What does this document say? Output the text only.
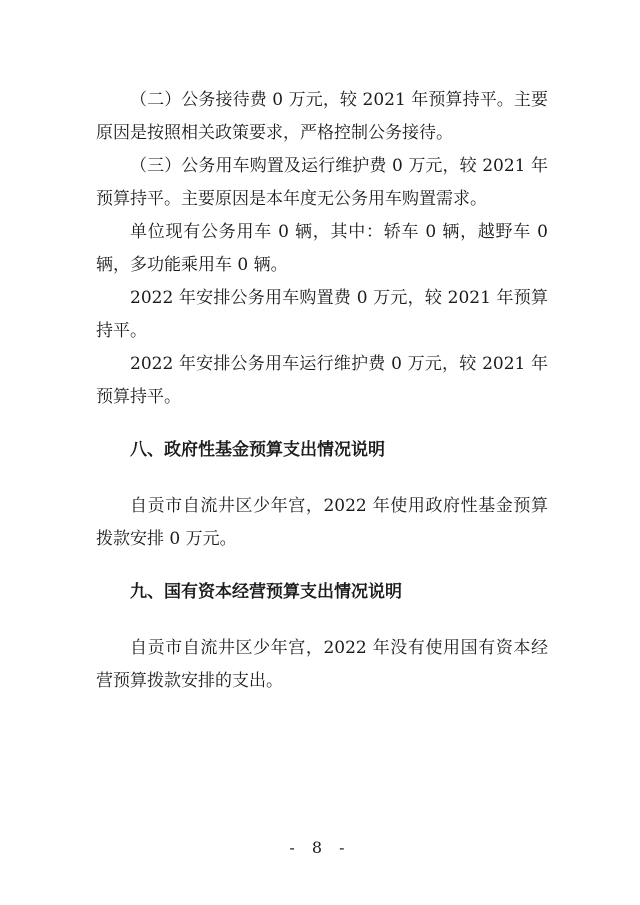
（二）公务接待费 0 万元，较 2021 年预算持平。主要原因是按照相关政策要求，严格控制公务接待。

（三）公务用车购置及运行维护费 0 万元，较 2021 年预算持平。主要原因是本年度无公务用车购置需求。

单位现有公务用车 0 辆，其中：轿车 0 辆，越野车 0 辆，多功能乘用车 0 辆。

2022 年安排公务用车购置费 0 万元，较 2021 年预算持平。

2022 年安排公务用车运行维护费 0 万元，较 2021 年预算持平。

八、政府性基金预算支出情况说明

自贡市自流井区少年宫，2022 年使用政府性基金预算拨款安排 0 万元。

九、国有资本经营预算支出情况说明

自贡市自流井区少年宫，2022 年没有使用国有资本经营预算拨款安排的支出。

- 8 -
